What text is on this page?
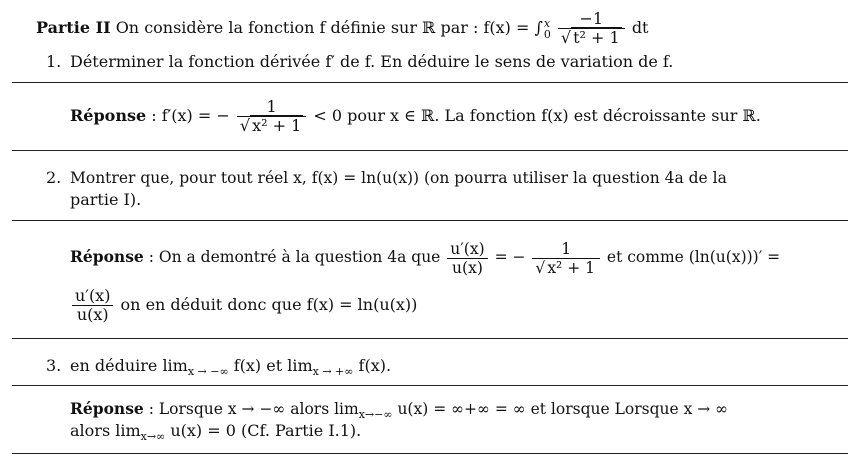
Partie II On considère la fonction f définie sur ℝ par : f(x) = ∫ x
0
$\frac{-1}{\text{√ t² + 1}}$ dt
1. Déterminer la fonction dérivée f′ de f. En déduire le sens de variation de f.
Réponse : f′(x) = − $\frac{1}{\text{√ x² + 1}} < 0$ pour x ∈ ℝ. La fonction f(x) est décroissante sur ℝ.
2. Montrer que, pour tout réel x, f(x) = ln(u(x)) (on pourra utiliser la question 4a de la
partie I).
Réponse : On a demontré à la question 4a que $\frac{u'(x)}{u(x)}$ = − $\frac{1}{\text{√ x² + 1}}$ et comme (ln(u(x)))′ =
$\frac{u'(x)}{u(x)}$ on en déduit donc que f(x) = ln(u(x))
3. en déduire $\lim_{x \to -\infty} f(x)$ et $\lim_{x \to +\infty} f(x)$.
Réponse : Lorsque x → −∞ alors $\lim_{x\to-\infty} u(x)$ = ∞+∞ = ∞ et lorsque Lorsque x → ∞
alors $\lim_{x\to\infty} u(x) = 0$ (Cf. Partie I.1).
